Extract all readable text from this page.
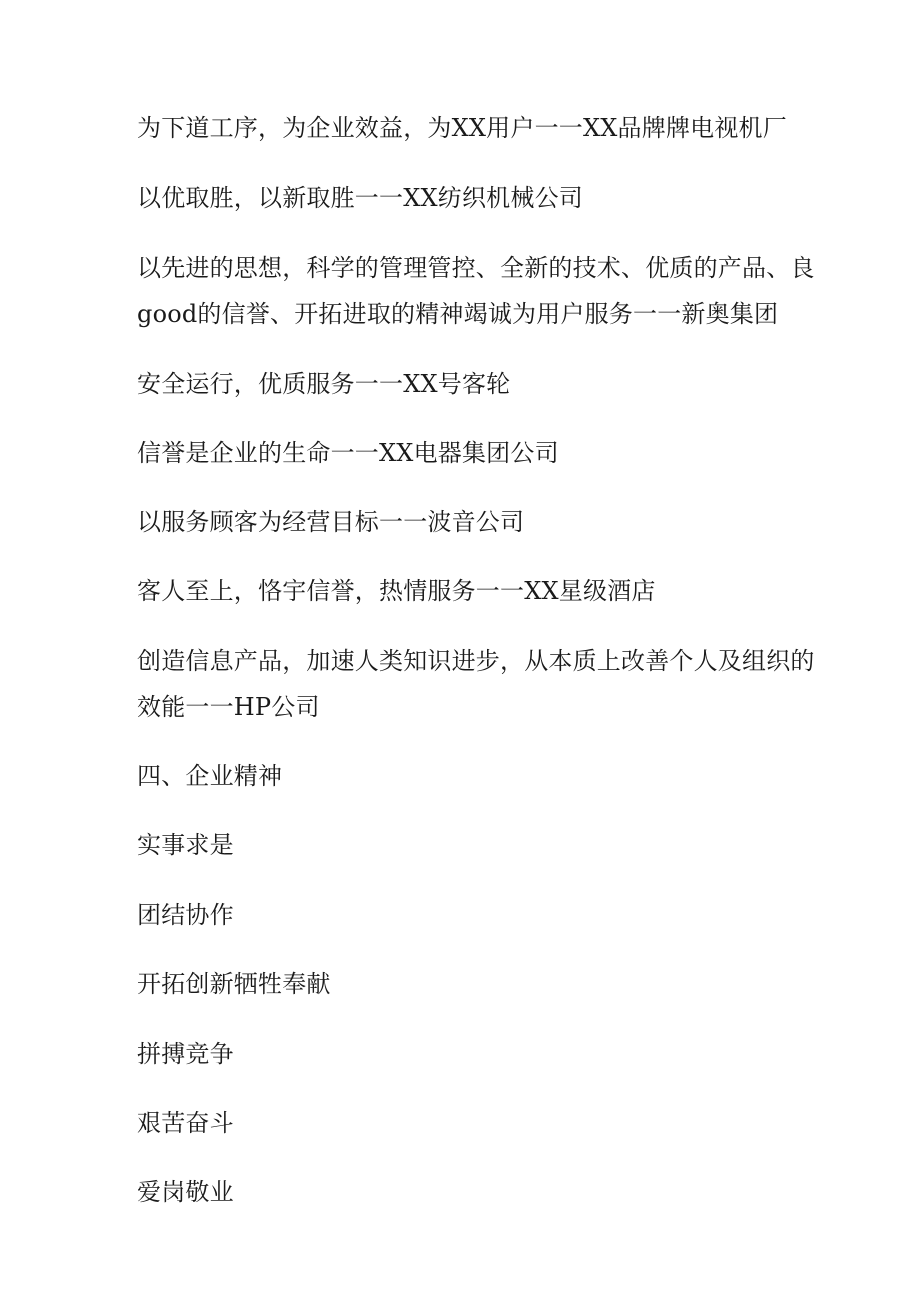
为下道工序，为企业效益，为XX用户一一XX品牌牌电视机厂
以优取胜，以新取胜一一XX纺织机械公司
以先进的思想，科学的管理管控、全新的技术、优质的产品、良
good的信誉、开拓进取的精神竭诚为用户服务一一新奥集团
安全运行，优质服务一一XX号客轮
信誉是企业的生命一一XX电器集团公司
以服务顾客为经营目标一一波音公司
客人至上，恪宇信誉，热情服务一一XX星级酒店
创造信息产品，加速人类知识进步，从本质上改善个人及组织的
效能一一HP公司
四、企业精神
实事求是
团结协作
开拓创新牺牲奉献
拼搏竞争
艰苦奋斗
爱岗敬业
